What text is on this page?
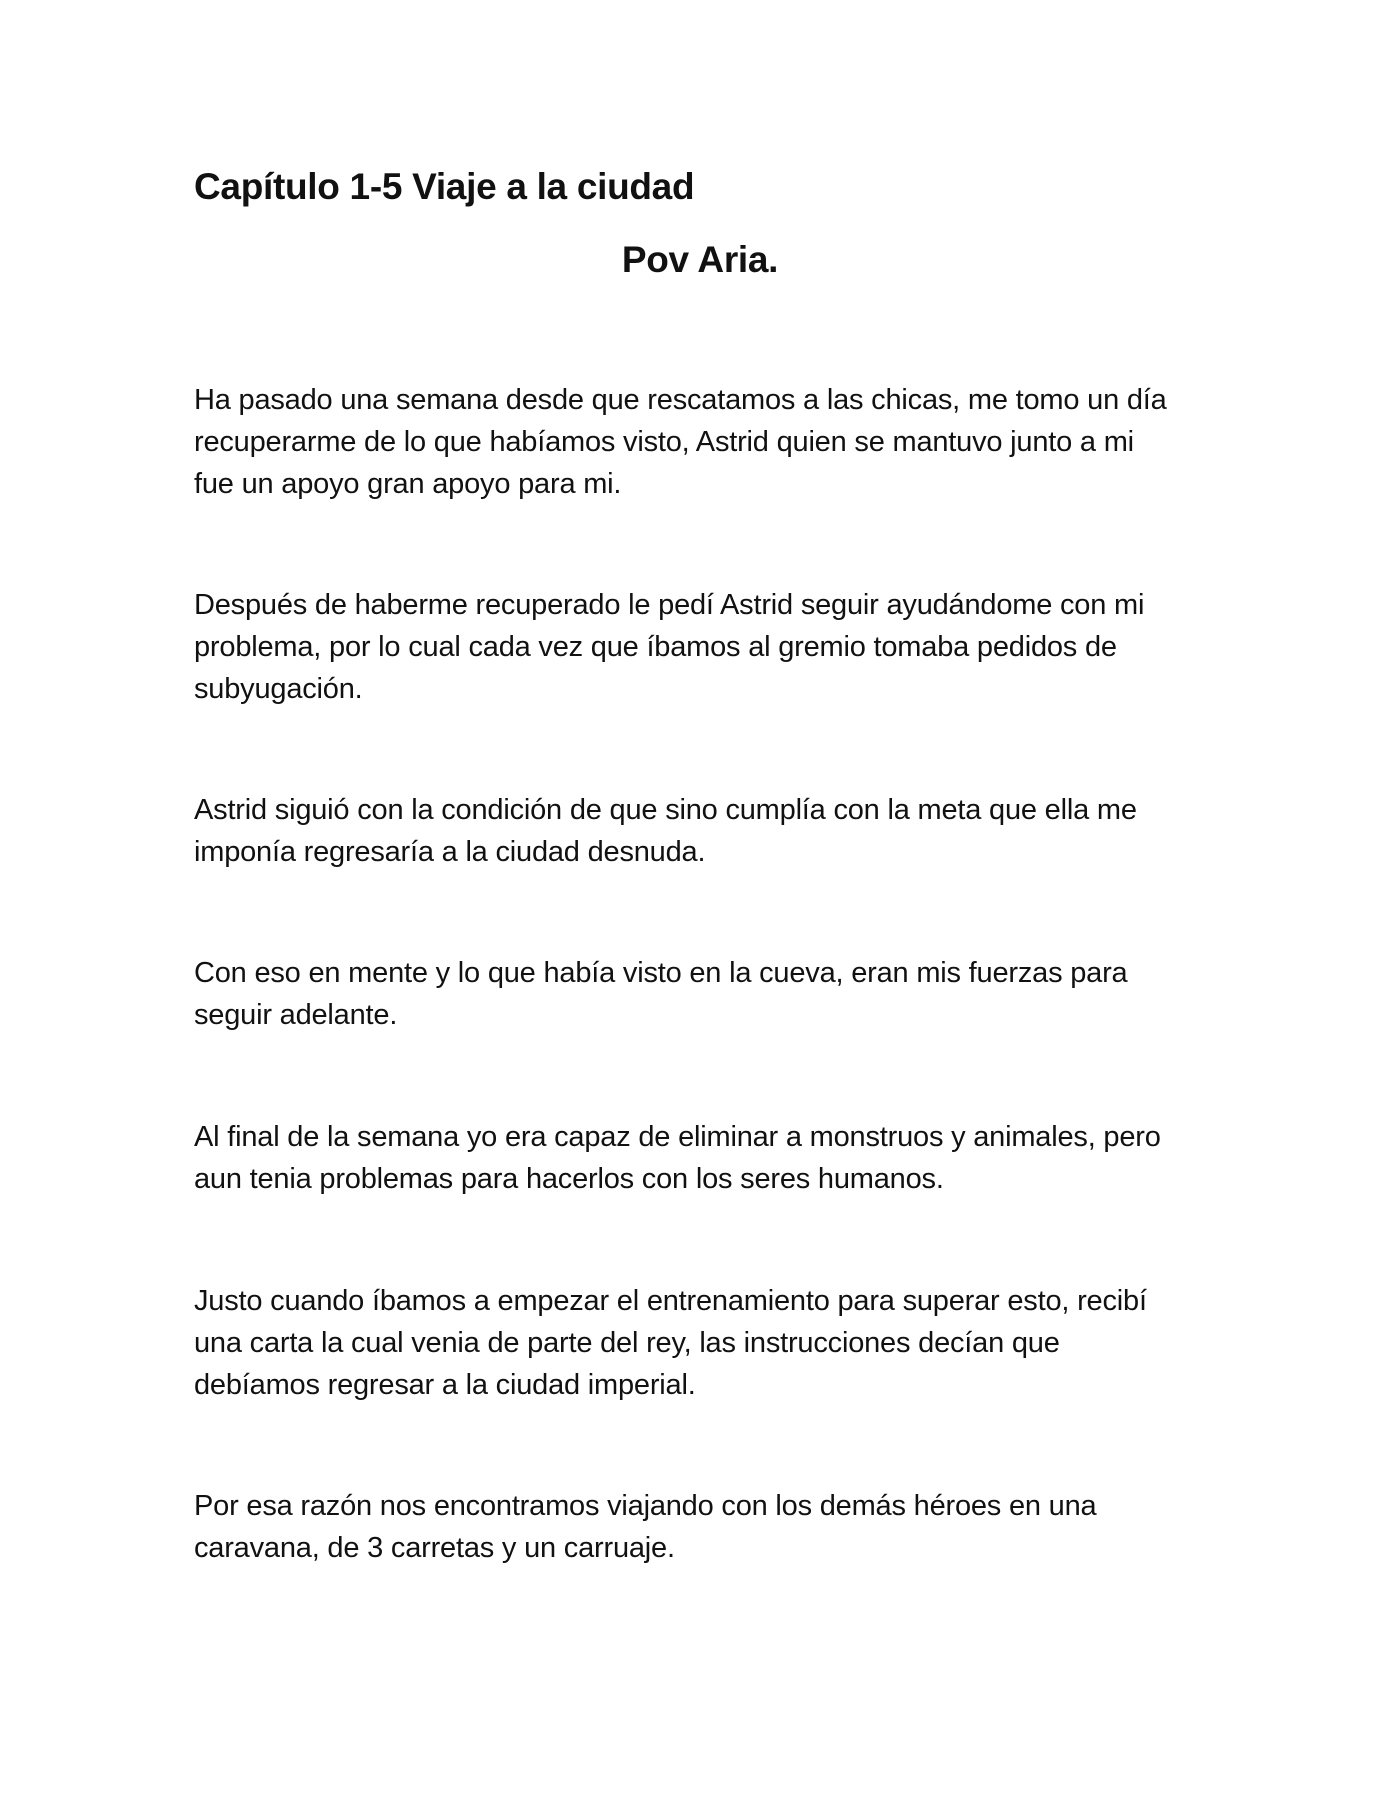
Capítulo 1-5 Viaje a la ciudad
Pov Aria.

Ha pasado una semana desde que rescatamos a las chicas, me tomo un día
recuperarme de lo que habíamos visto, Astrid quien se mantuvo junto a mi
fue un apoyo gran apoyo para mi.

Después de haberme recuperado le pedí Astrid seguir ayudándome con mi
problema, por lo cual cada vez que íbamos al gremio tomaba pedidos de
subyugación.

Astrid siguió con la condición de que sino cumplía con la meta que ella me
imponía regresaría a la ciudad desnuda.

Con eso en mente y lo que había visto en la cueva, eran mis fuerzas para
seguir adelante.

Al final de la semana yo era capaz de eliminar a monstruos y animales, pero
aun tenia problemas para hacerlos con los seres humanos.

Justo cuando íbamos a empezar el entrenamiento para superar esto, recibí
una carta la cual venia de parte del rey, las instrucciones decían que
debíamos regresar a la ciudad imperial.

Por esa razón nos encontramos viajando con los demás héroes en una
caravana, de 3 carretas y un carruaje.
